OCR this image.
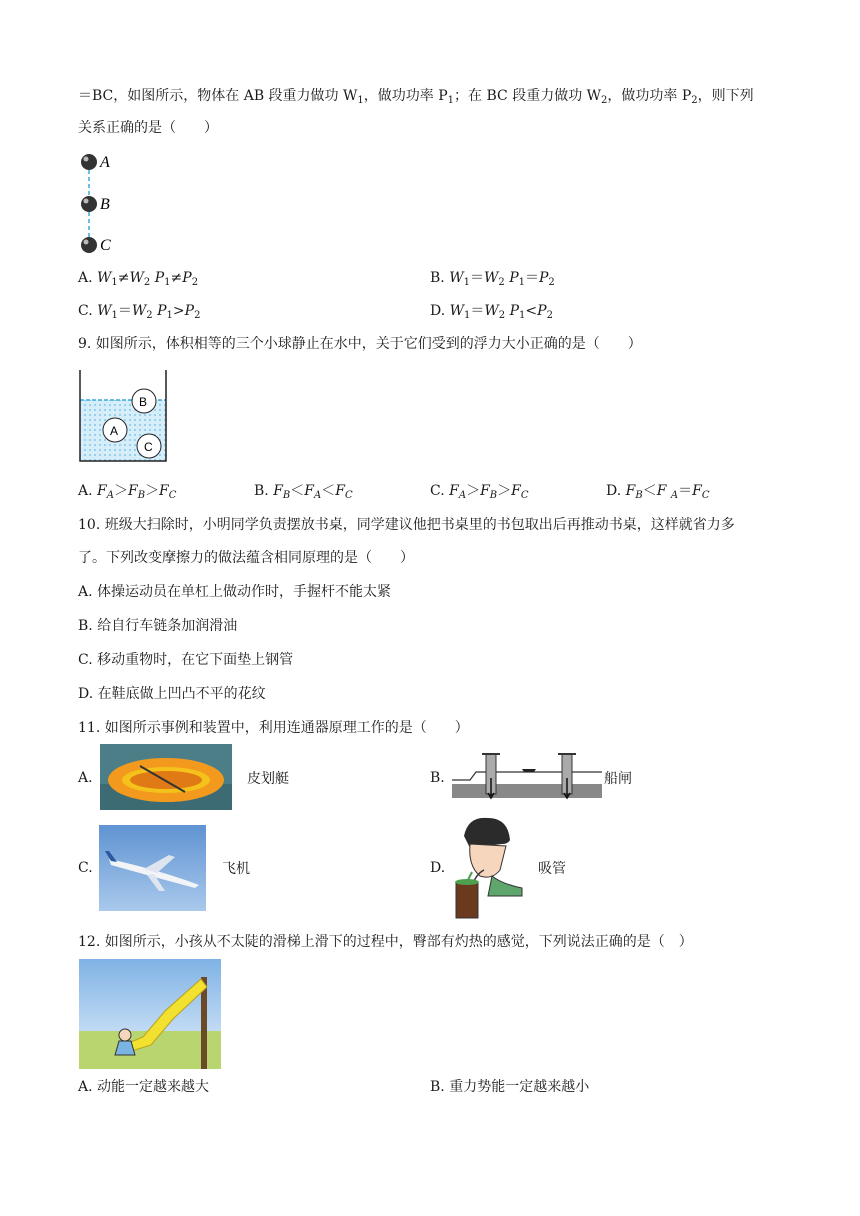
＝BC，如图所示，物体在 AB 段重力做功 $W_1$，做功功率 $P_1$；在 BC 段重力做功 $W_2$，做功功率 $P_2$，则下列
关系正确的是（　　）
A
B
C
A. $W_1\ne W_2$ $P_1\ne P_2$	B. $W_1=W_2$ $P_1=P_2$
C. $W_1=W_2$ $P_1>P_2$	D. $W_1=W_2$ $P_1<P_2$
9. 如图所示，体积相等的三个小球静止在水中，关于它们受到的浮力大小正确的是（　　）
B
A
C
A. $F_A>F_B>F_C$	B. $F_B<F_A<F_C$	C. $F_A>F_B>F_C$	D. $F_B<F$ $_A=F_C$
10. 班级大扫除时，小明同学负责摆放书桌，同学建议他把书桌里的书包取出后再推动书桌，这样就省力多
了。下列改变摩擦力的做法蕴含相同原理的是（　　）
A. 体操运动员在单杠上做动作时，手握杆不能太紧
B. 给自行车链条加润滑油
C. 移动重物时，在它下面垫上钢管
D. 在鞋底做上凹凸不平的花纹
11. 如图所示事例和装置中，利用连通器原理工作的是（　　）
A.	皮划艇	B.	船闸
C.	飞机	D.	吸管
12. 如图所示，小孩从不太陡的滑梯上滑下的过程中，臀部有灼热的感觉，下列说法正确的是（　）
A. 动能一定越来越大	B. 重力势能一定越来越小
